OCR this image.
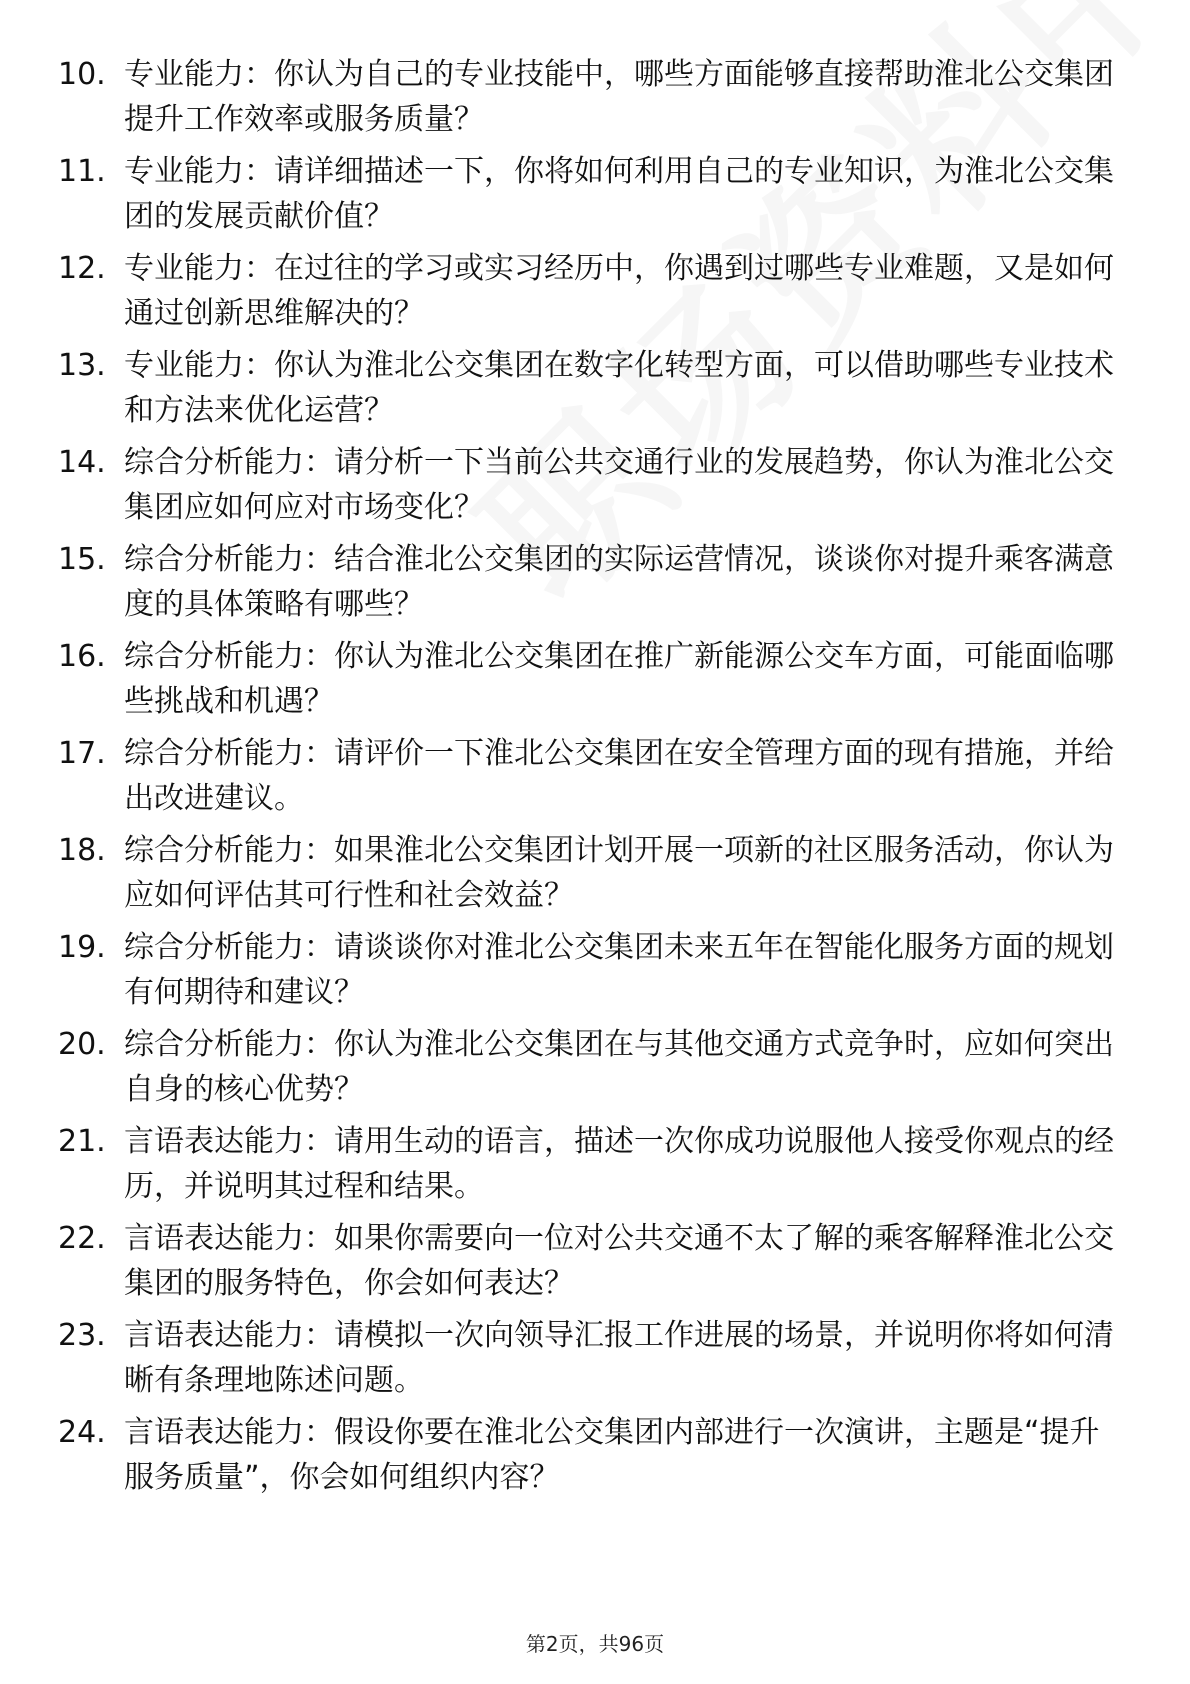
10. 专业能力：你认为自己的专业技能中，哪些方面能够直接帮助淮北公交集团提升工作效率或服务质量？

11. 专业能力：请详细描述一下，你将如何利用自己的专业知识，为淮北公交集团的发展贡献价值？

12. 专业能力：在过往的学习或实习经历中，你遇到过哪些专业难题，又是如何通过创新思维解决的？

13. 专业能力：你认为淮北公交集团在数字化转型方面，可以借助哪些专业技术和方法来优化运营？

14. 综合分析能力：请分析一下当前公共交通行业的发展趋势，你认为淮北公交集团应如何应对市场变化？

15. 综合分析能力：结合淮北公交集团的实际运营情况，谈谈你对提升乘客满意度的具体策略有哪些？

16. 综合分析能力：你认为淮北公交集团在推广新能源公交车方面，可能面临哪些挑战和机遇？

17. 综合分析能力：请评价一下淮北公交集团在安全管理方面的现有措施，并给出改进建议。

18. 综合分析能力：如果淮北公交集团计划开展一项新的社区服务活动，你认为应如何评估其可行性和社会效益？

19. 综合分析能力：请谈谈你对淮北公交集团未来五年在智能化服务方面的规划有何期待和建议？

20. 综合分析能力：你认为淮北公交集团在与其他交通方式竞争时，应如何突出自身的核心优势？

21. 言语表达能力：请用生动的语言，描述一次你成功说服他人接受你观点的经历，并说明其过程和结果。

22. 言语表达能力：如果你需要向一位对公共交通不太了解的乘客解释淮北公交集团的服务特色，你会如何表达？

23. 言语表达能力：请模拟一次向领导汇报工作进展的场景，并说明你将如何清晰有条理地陈述问题。

24. 言语表达能力：假设你要在淮北公交集团内部进行一次演讲，主题是“提升服务质量”，你会如何组织内容？

第2页，共96页
